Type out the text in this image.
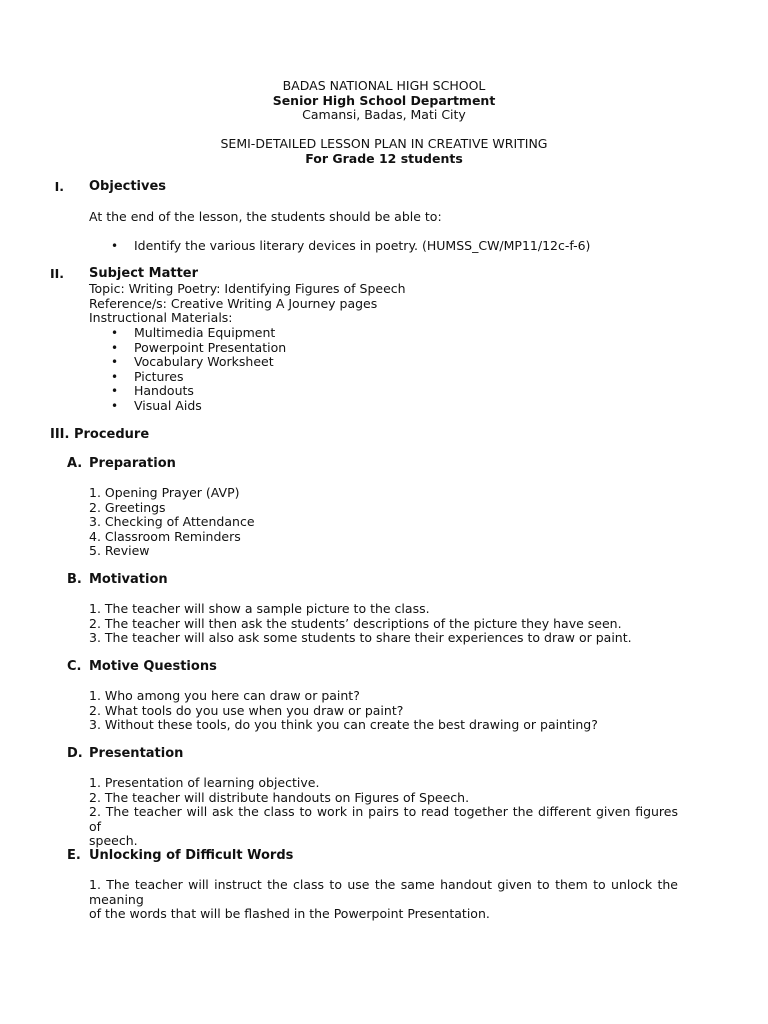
BADAS NATIONAL HIGH SCHOOL
Senior High School Department
Camansi, Badas, Mati City
SEMI-DETAILED LESSON PLAN IN CREATIVE WRITING
For Grade 12 students
I. Objectives
At the end of the lesson, the students should be able to:
• Identify the various literary devices in poetry. (HUMSS_CW/MP11/12c-f-6)
II. Subject Matter
Topic: Writing Poetry: Identifying Figures of Speech
Reference/s: Creative Writing A Journey pages
Instructional Materials:
• Multimedia Equipment
• Powerpoint Presentation
• Vocabulary Worksheet
• Pictures
• Handouts
• Visual Aids
III. Procedure
A. Preparation
1. Opening Prayer (AVP)
2. Greetings
3. Checking of Attendance
4. Classroom Reminders
5. Review
B. Motivation
1. The teacher will show a sample picture to the class.
2. The teacher will then ask the students’ descriptions of the picture they have seen.
3. The teacher will also ask some students to share their experiences to draw or paint.
C. Motive Questions
1. Who among you here can draw or paint?
2. What tools do you use when you draw or paint?
3. Without these tools, do you think you can create the best drawing or painting?
D. Presentation
1. Presentation of learning objective.
2. The teacher will distribute handouts on Figures of Speech.
2. The teacher will ask the class to work in pairs to read together the different given figures of
speech.
E. Unlocking of Difficult Words
1. The teacher will instruct the class to use the same handout given to them to unlock the meaning
of the words that will be flashed in the Powerpoint Presentation.
